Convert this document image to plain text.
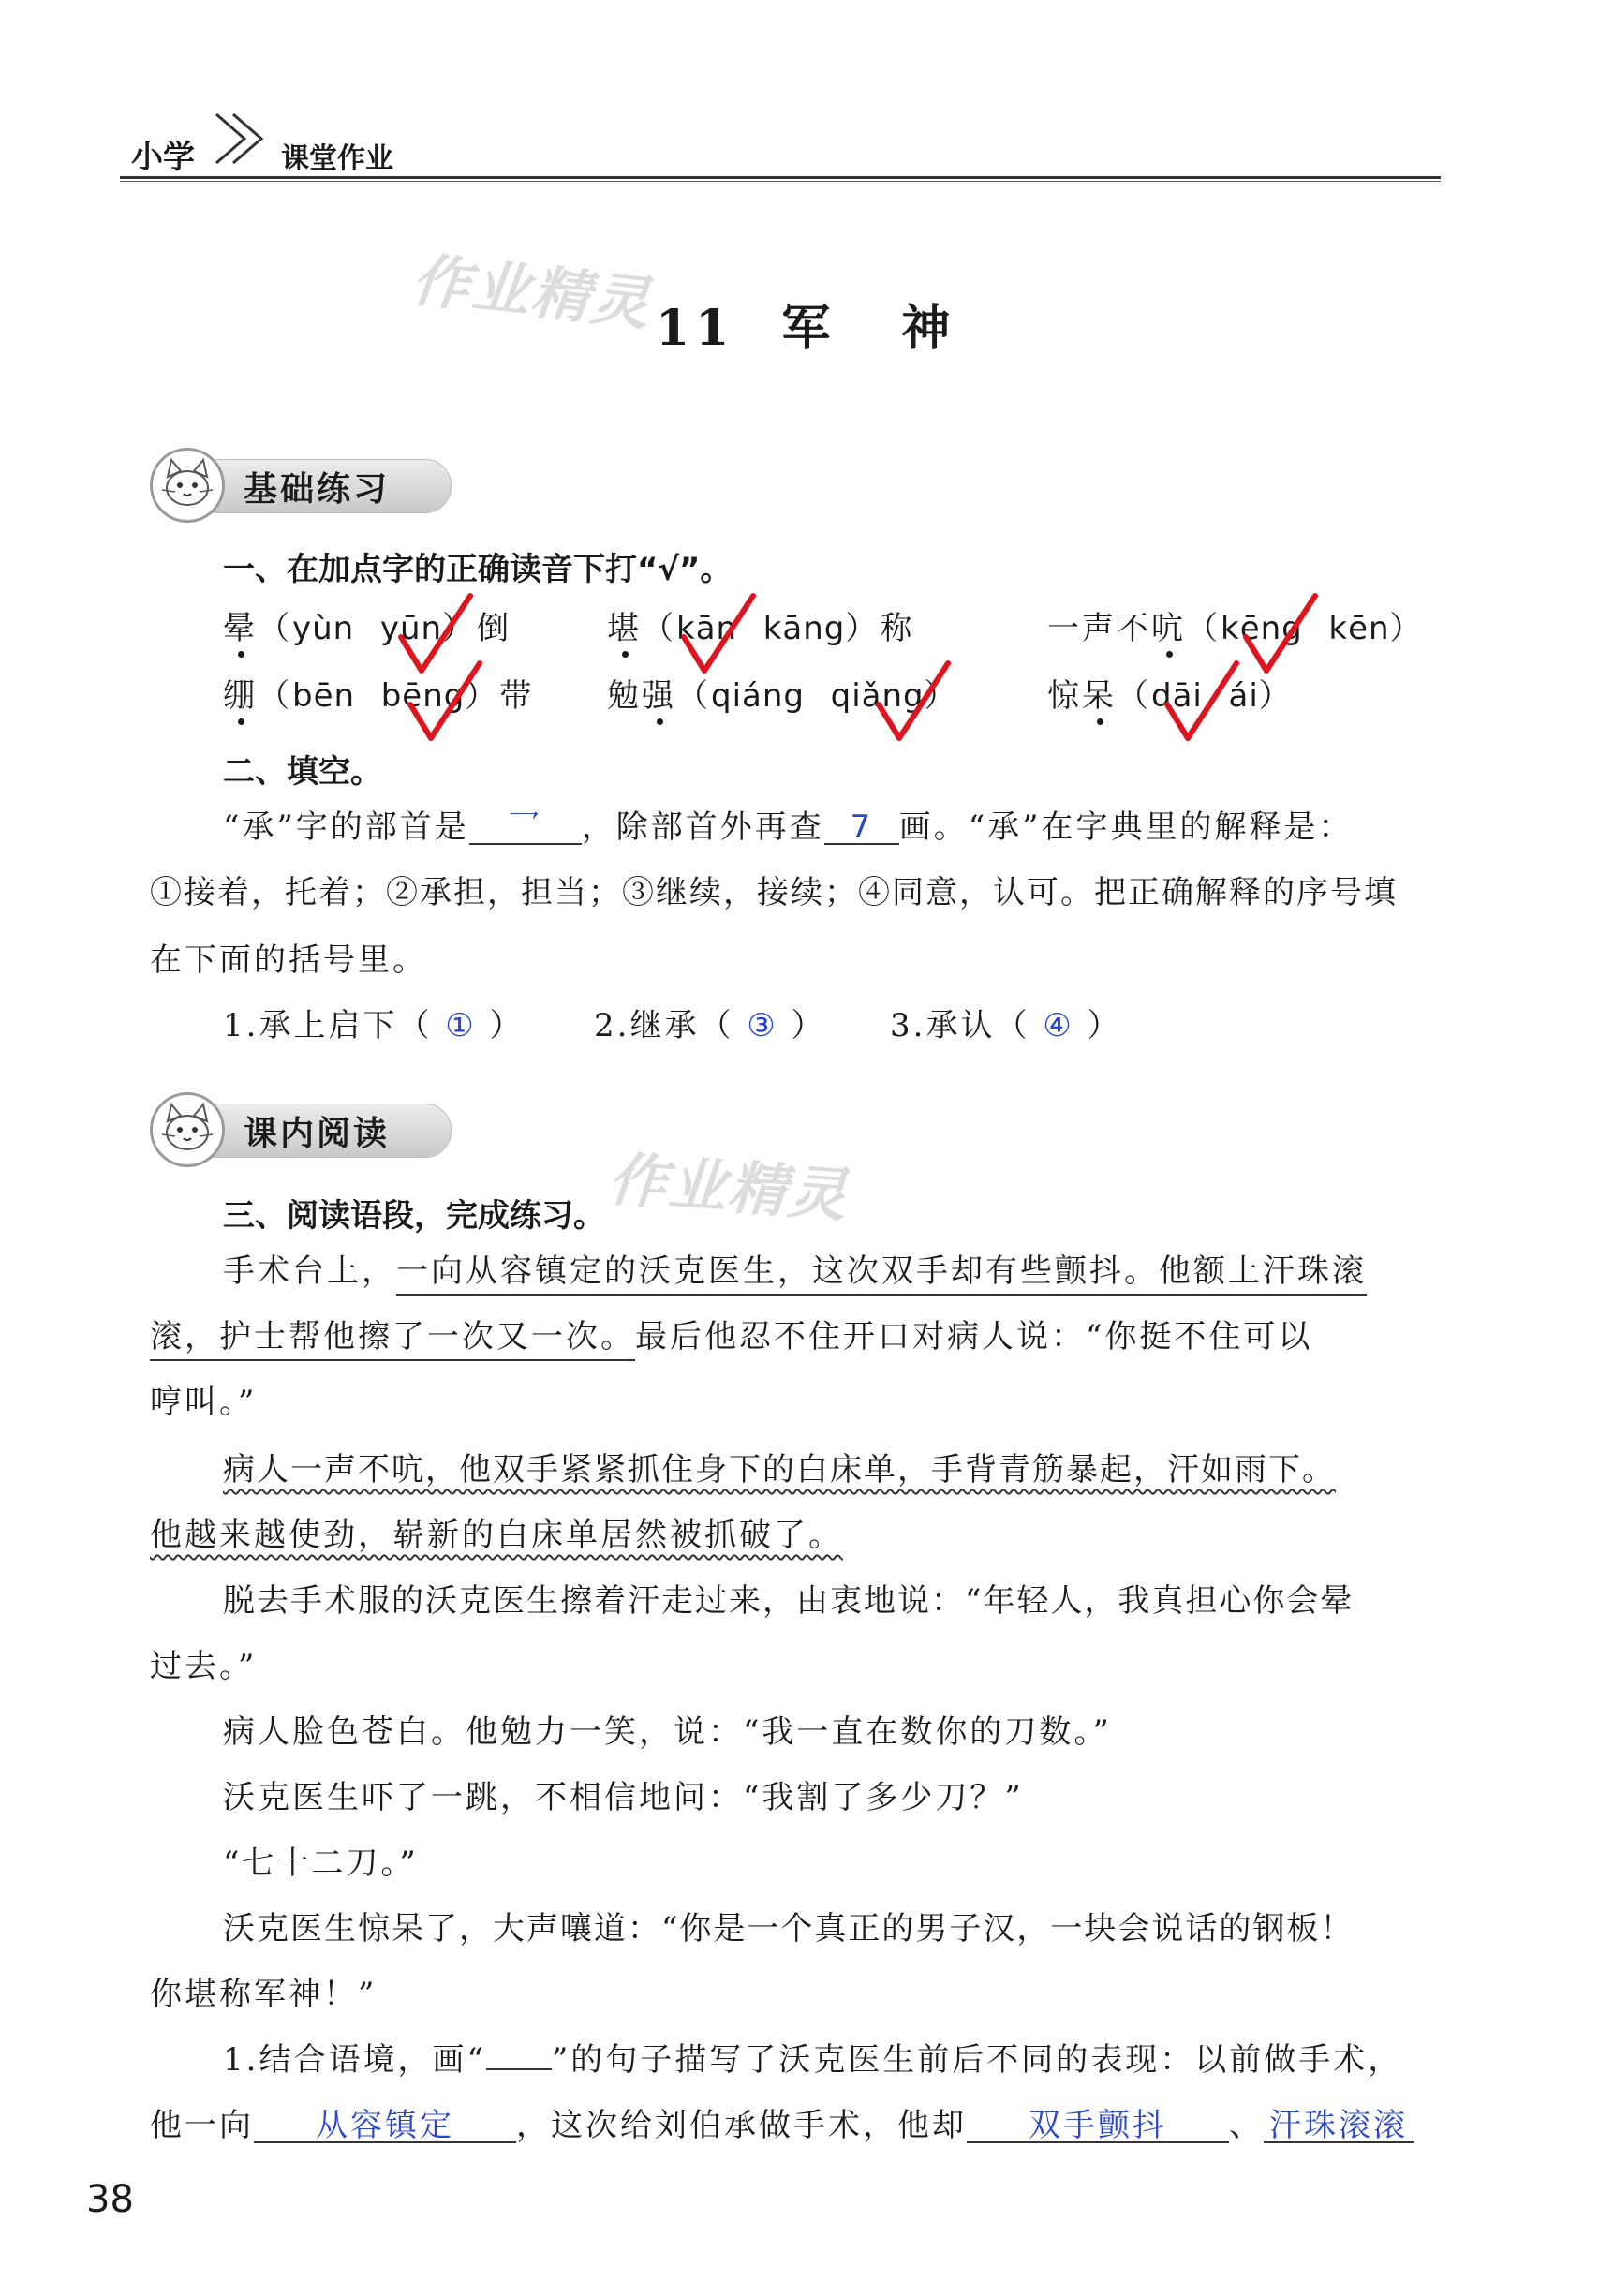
小学	课堂作业
作业精灵
作业精灵
11 军 神
基础练习
一、在加点字的正确读音下打“√”。
晕（yùn yūn）倒	堪（kān kāng）称	一声不吭（kēng kēn）
绷（bēn bēng）带 勉强（qiáng qiǎng）	惊呆（dāi ái）
二、填空。
“承”字的部首是 乛 ，除部首外再查 7 画。“承”在字典里的解释是：
①接着，托着；②承担，担当；③继续，接续；④同意，认可。把正确解释的序号填
在下面的括号里。
1.承上启下（ ① ） 2.继承（ ③ ） 3.承认（ ④ ）
课内阅读
三、阅读语段，完成练习。
手术台上，一向从容镇定的沃克医生，这次双手却有些颤抖。他额上汗珠滚
滚，护士帮他擦了一次又一次。最后他忍不住开口对病人说：“你挺不住可以
哼叫。”
病人一声不吭，他双手紧紧抓住身下的白床单，手背青筋暴起，汗如雨下。
他越来越使劲，崭新的白床单居然被抓破了。
脱去手术服的沃克医生擦着汗走过来，由衷地说：“年轻人，我真担心你会晕
过去。”
病人脸色苍白。他勉力一笑，说：“我一直在数你的刀数。”
沃克医生吓了一跳，不相信地问：“我割了多少刀？”
“七十二刀。”
沃克医生惊呆了，大声嚷道：“你是一个真正的男子汉，一块会说话的钢板！
你堪称军神！”
1.结合语境，画“ ”的句子描写了沃克医生前后不同的表现：以前做手术，
他一向 从容镇定 ，这次给刘伯承做手术，他却 双手颤抖 、 汗珠滚滚
38
